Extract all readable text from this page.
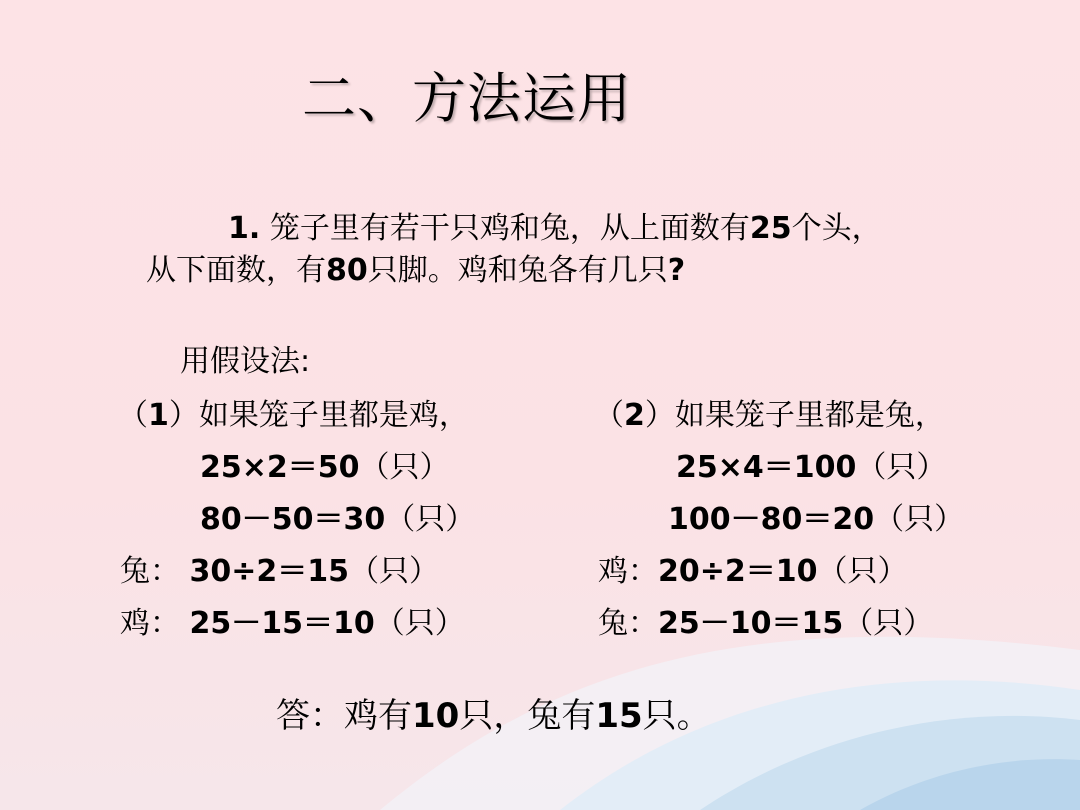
二、方法运用
1. 笼子里有若干只鸡和兔，从上面数有25个头，
从下面数，有80只脚。鸡和兔各有几只?
用假设法:
（1）如果笼子里都是鸡，
25×2＝50（只）
80－50＝30（只）
兔： 30÷2＝15（只）
鸡： 25－15＝10（只）
（2）如果笼子里都是兔，
25×4＝100（只）
100－80＝20（只）
鸡：20÷2＝10（只）
兔：25－10＝15（只）
答：鸡有10只，兔有15只。
